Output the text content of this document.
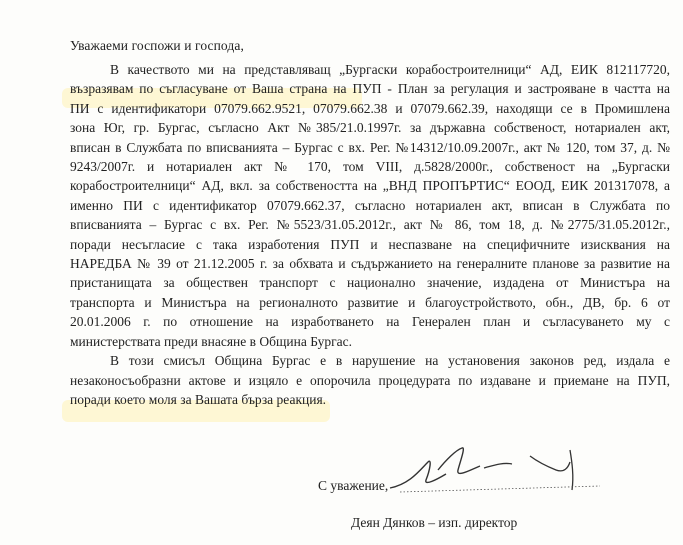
Уважаеми госпожи и господа,
В качеството ми на представляващ „Бургаски корабостроителници“ АД, ЕИК 812117720,
възразявам по съгласуване от Ваша страна на ПУП - План за регулация и застрояване в частта на
ПИ с идентификатори 07079.662.9521, 07079.662.38 и 07079.662.39, находящи се в Промишлена
зона Юг, гр. Бургас, съгласно Акт №385/21.0.1997г. за държавна собственост, нотариален акт,
вписан в Службата по вписванията – Бургас с вх. Рег. №14312/10.09.2007г., акт № 120, том 37, д. №
9243/2007г. и нотариален акт № 170, том VIII, д.5828/2000г., собственост на „Бургаски
корабостроителници“ АД, вкл. за собствеността на „ВНД ПРОПЪРТИС“ ЕООД, ЕИК 201317078, а
именно ПИ с идентификатор 07079.662.37, съгласно нотариален акт, вписан в Службата по
вписванията – Бургас с вх. Рег. №5523/31.05.2012г., акт № 86, том 18, д. №2775/31.05.2012г.,
поради несъгласие с така изработения ПУП и неспазване на специфичните изисквания на
НАРЕДБА № 39 от 21.12.2005 г. за обхвата и съдържанието на генералните планове за развитие на
пристанищата за обществен транспорт с национално значение, издадена от Министъра на
транспорта и Министъра на регионалното развитие и благоустройството, обн., ДВ, бр. 6 от
20.01.2006 г. по отношение на изработването на Генерален план и съгласуването му с
министерствата преди внасяне в Община Бургас.
В този смисъл Община Бургас е в нарушение на установения законов ред, издала е
незаконосъобразни актове и изцяло е опорочила процедурата по издаване и приемане на ПУП,
поради което моля за Вашата бърза реакция.
С уважение,
Деян Дянков – изп. директор
